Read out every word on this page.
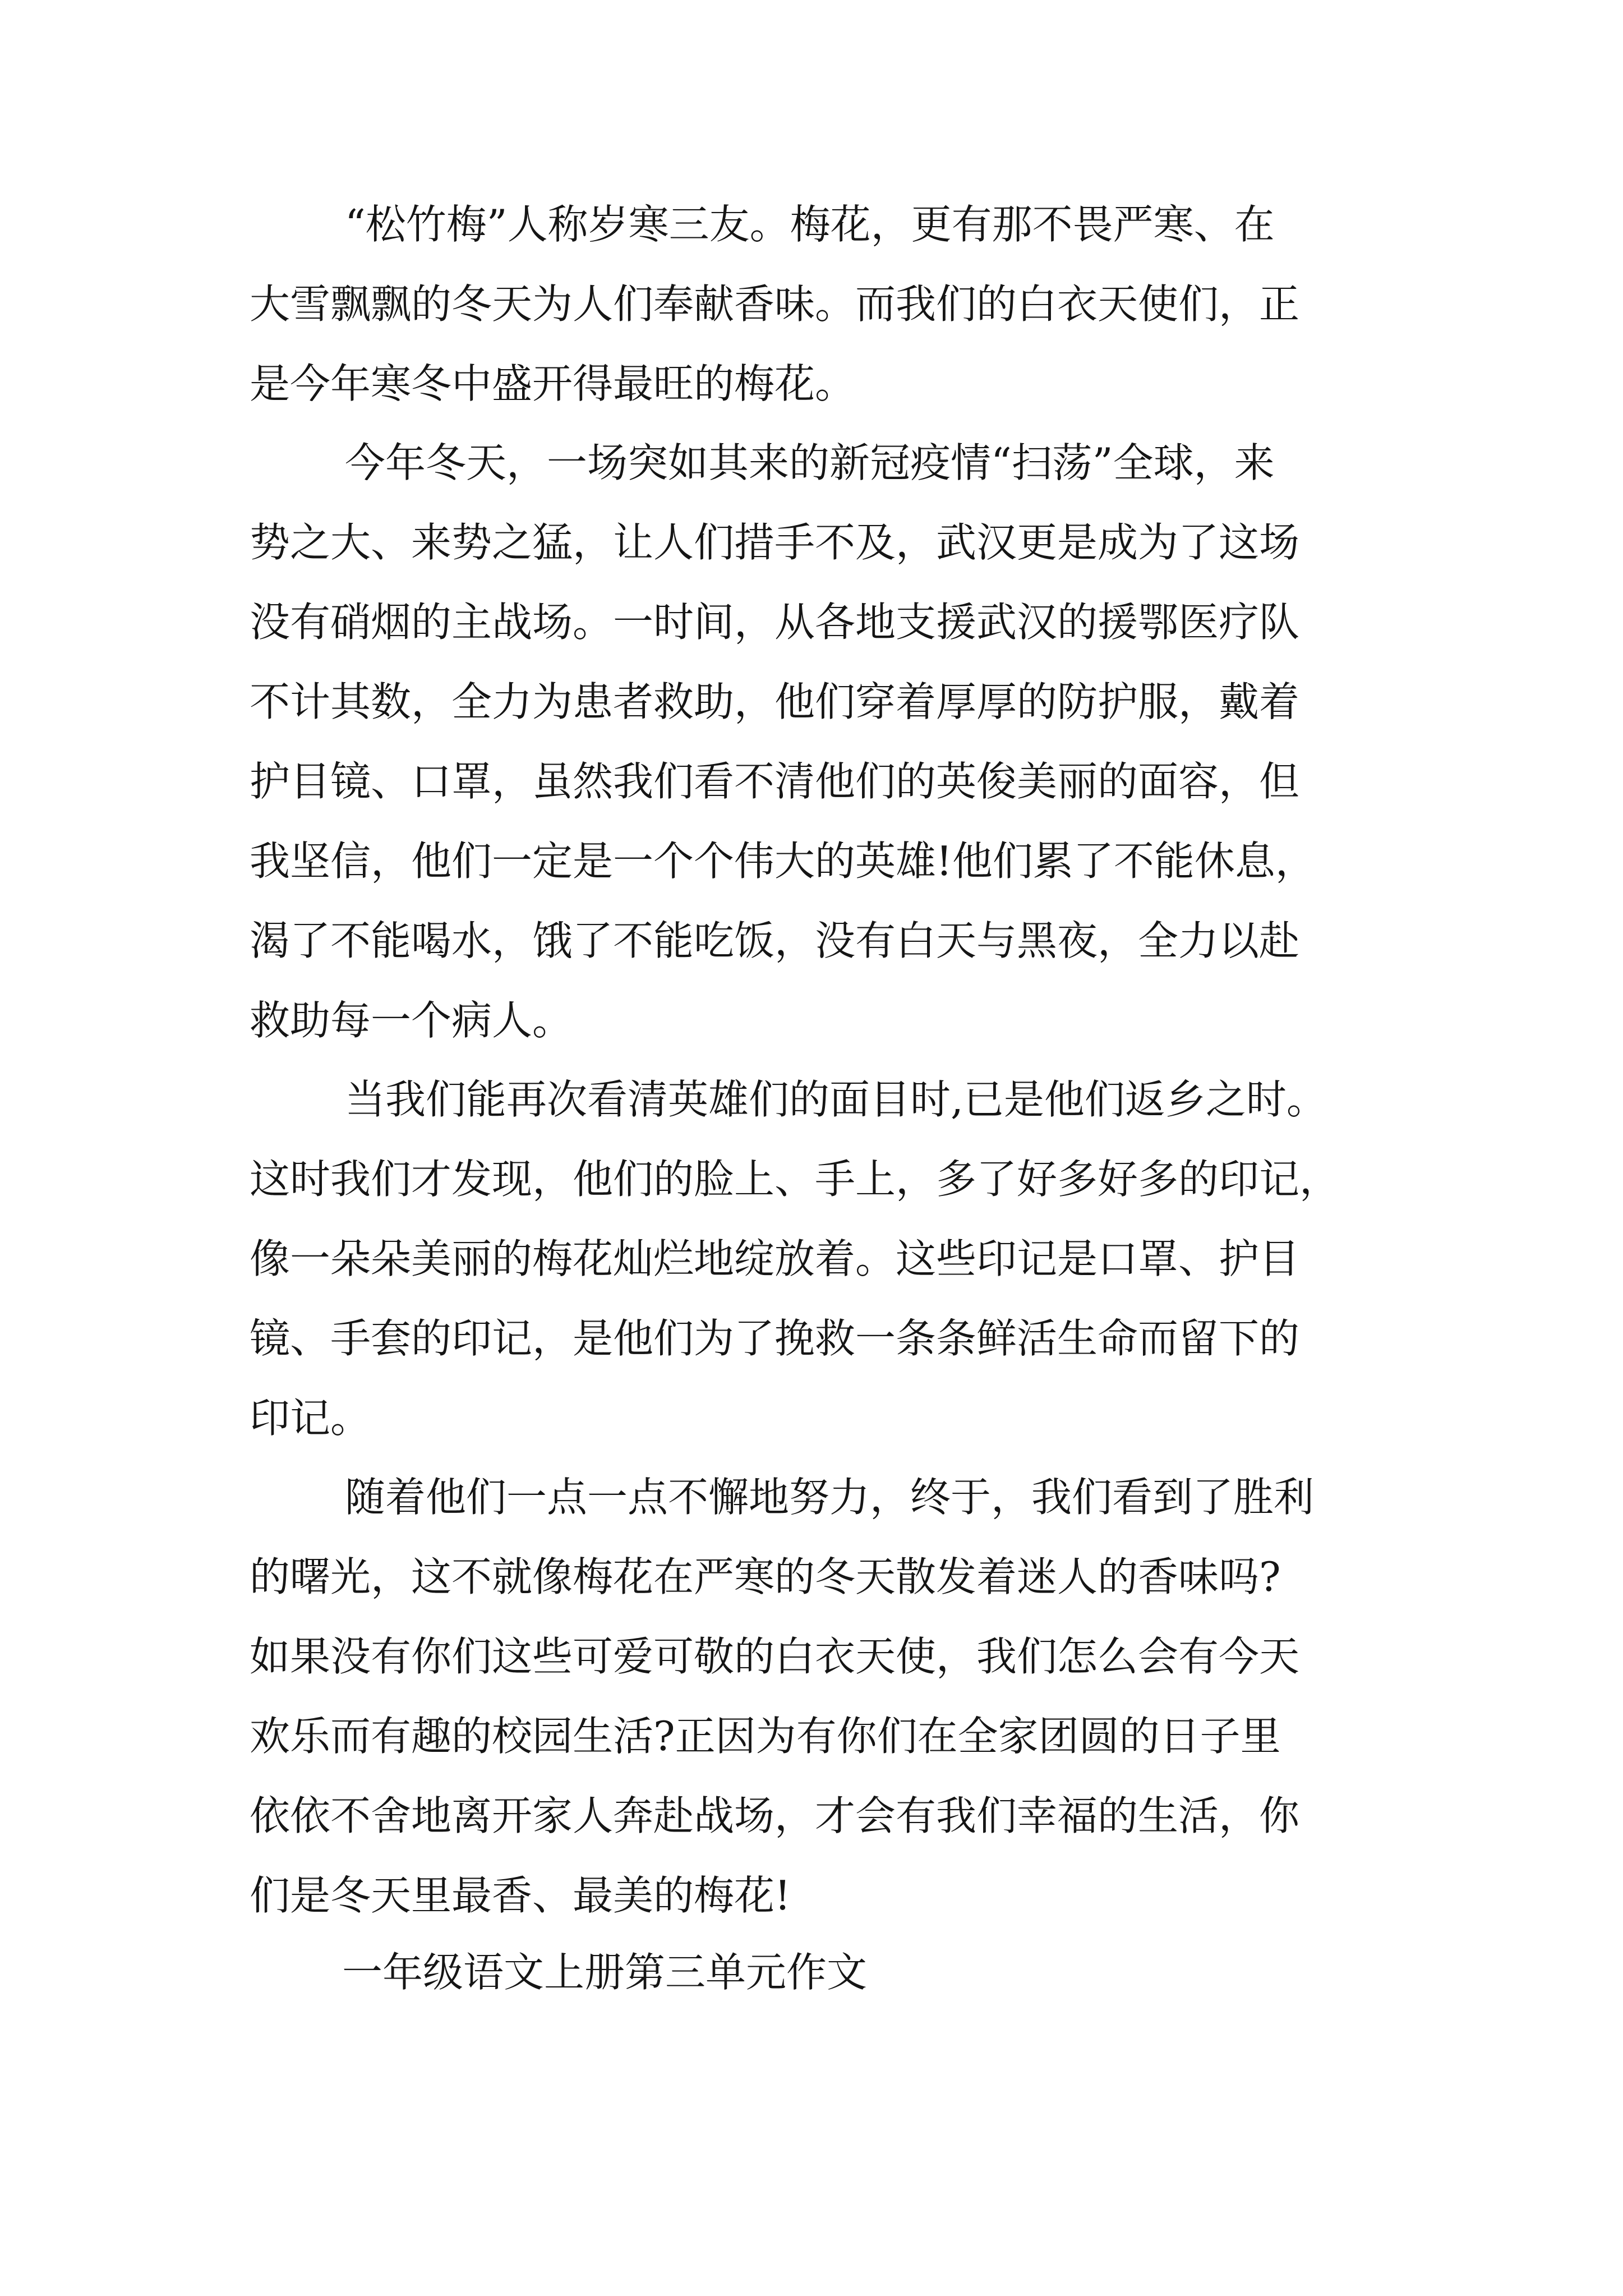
“松竹梅”人称岁寒三友。梅花，更有那不畏严寒、在
大雪飘飘的冬天为人们奉献香味。而我们的白衣天使们，正
是今年寒冬中盛开得最旺的梅花。
今年冬天，一场突如其来的新冠疫情“扫荡”全球，来
势之大、来势之猛，让人们措手不及，武汉更是成为了这场
没有硝烟的主战场。一时间，从各地支援武汉的援鄂医疗队
不计其数，全力为患者救助，他们穿着厚厚的防护服，戴着
护目镜、口罩，虽然我们看不清他们的英俊美丽的面容，但
我坚信，他们一定是一个个伟大的英雄!他们累了不能休息，
渴了不能喝水，饿了不能吃饭，没有白天与黑夜，全力以赴
救助每一个病人。
当我们能再次看清英雄们的面目时,已是他们返乡之时。
这时我们才发现，他们的脸上、手上，多了好多好多的印记，
像一朵朵美丽的梅花灿烂地绽放着。这些印记是口罩、护目
镜、手套的印记，是他们为了挽救一条条鲜活生命而留下的
印记。
随着他们一点一点不懈地努力，终于，我们看到了胜利
的曙光，这不就像梅花在严寒的冬天散发着迷人的香味吗?
如果没有你们这些可爱可敬的白衣天使，我们怎么会有今天
欢乐而有趣的校园生活?正因为有你们在全家团圆的日子里
依依不舍地离开家人奔赴战场，才会有我们幸福的生活，你
们是冬天里最香、最美的梅花!
一年级语文上册第三单元作文
